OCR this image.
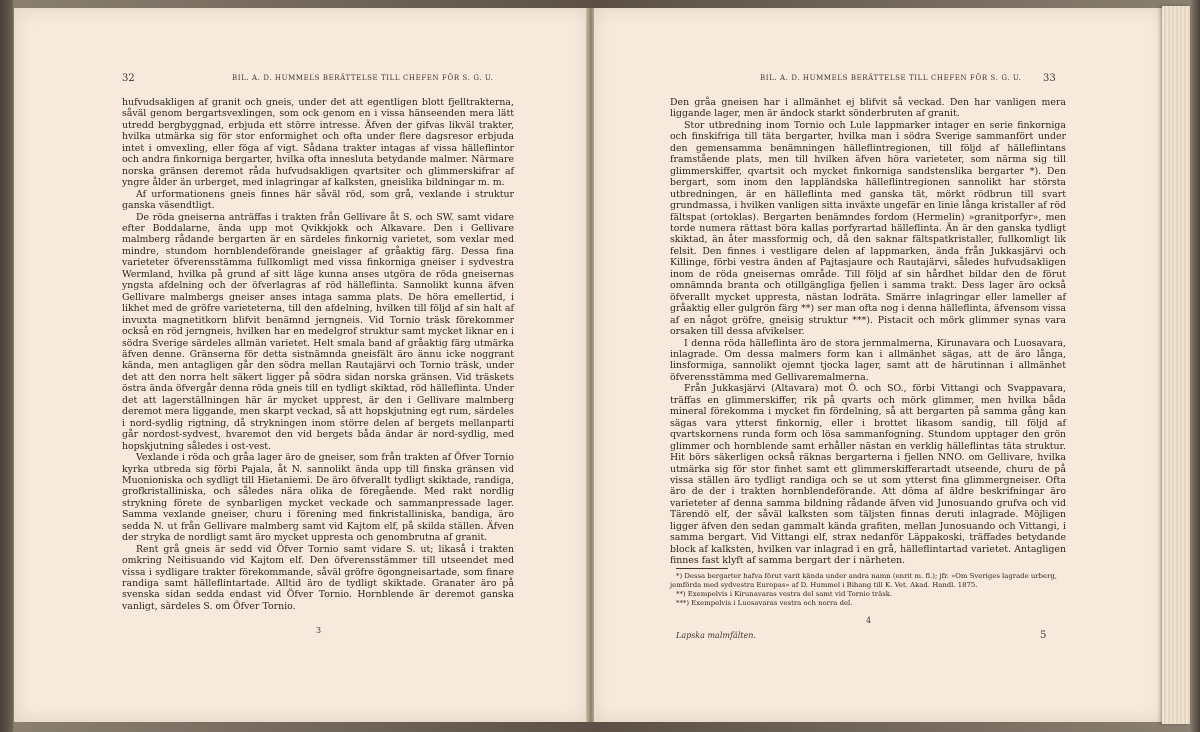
32	BIL. A. D. HUMMELS BERÄTTELSE TILL CHEFEN FÖR S. G. U.

hufvudsakligen af granit och gneis, under det att egentligen blott fjelltrakterna, såväl genom bergartsvexlingen, som ock genom en i vissa hänseenden mera lätt utredd bergbyggnad, erbjuda ett större intresse. Äfven der gifvas likväl trakter, hvilka utmärka sig för stor enformighet och ofta under flere dagsresor erbjuda intet i omvexling, eller föga af vigt. Sådana trakter intagas af vissa hälleflintor och andra finkorniga bergarter, hvilka ofta innesluta betydande malmer. Närmare norska gränsen deremot råda hufvudsakligen qvartsiter och glimmerskifrar af yngre ålder än urberget, med inlagringar af kalksten, gneislika bildningar m. m.

Af urformationens gneis finnes här såväl röd, som grå, vexlande i struktur ganska väsendtligt.

De röda gneiserna anträffas i trakten från Gellivare åt S. och SW. samt vidare efter Boddalarne, ända upp mot Qvikkjokk och Alkavare. Den i Gellivare malmberg rådande bergarten är en särdeles finkornig varietet, som vexlar med mindre, stundom hornblendeförande gneislager af gråaktig färg. Dessa fina varieteter öfverensstämma fullkomligt med vissa finkorniga gneiser i sydvestra Wermland, hvilka på grund af sitt läge kunna anses utgöra de röda gneisernas yngsta afdelning och der öfverlagras af röd hälleflinta. Sannolikt kunna äfven Gellivare malmbergs gneiser anses intaga samma plats. De höra emellertid, i likhet med de gröfre varieteterna, till den afdelning, hvilken till följd af sin halt af invuxta magnetitkorn blifvit benämnd jerngneis. Vid Tornio träsk förekommer också en röd jerngneis, hvilken har en medelgrof struktur samt mycket liknar en i södra Sverige särdeles allmän varietet. Helt smala band af gråaktig färg utmärka äfven denne. Gränserna för detta sistnämnda gneisfält äro ännu icke noggrant kända, men antagligen går den södra mellan Rautajärvi och Tornio träsk, under det att den norra helt säkert ligger på södra sidan norska gränsen. Vid träskets östra ända öfvergår denna röda gneis till en tydligt skiktad, röd hälleflinta. Under det att lagerställningen här är mycket upprest, är den i Gellivare malmberg deremot mera liggande, men skarpt veckad, så att hopskjutning egt rum, särdeles i nord-sydlig rigtning, då strykningen inom större delen af bergets mellanparti går nordost-sydvest, hvaremot den vid bergets båda ändar är nord-sydlig, med hopskjutning således i ost-vest.

Vexlande i röda och gråa lager äro de gneiser, som från trakten af Öfver Tornio kyrka utbreda sig förbi Pajala, åt N. sannolikt ända upp till finska gränsen vid Muonioniska och sydligt till Hietaniemi. De äro öfverallt tydligt skiktade, randiga, grofkristalliniska, och således nära olika de föregående. Med rakt nordlig strykning förete de synbarligen mycket veckade och sammanpressade lager. Samma vexlande gneiser, churu i förening med finkristalliniska, bandiga, äro sedda N. ut från Gellivare malmberg samt vid Kajtom elf, på skilda ställen. Äfven der stryka de nordligt samt äro mycket uppresta och genombrutna af granit.

Rent grå gneis är sedd vid Öfver Tornio samt vidare S. ut; likaså i trakten omkring Neitisuando vid Kajtom elf. Den öfverensstämmer till utseendet med vissa i sydligare trakter förekommande, såväl gröfre ögongneisartade, som finare randiga samt hälleflintartade. Alltid äro de tydligt skiktade. Granater äro på svenska sidan sedda endast vid Öfver Tornio. Hornblende är deremot ganska vanligt, särdeles S. om Öfver Tornio.

3
BIL. A. D. HUMMELS BERÄTTELSE TILL CHEFEN FÖR S. G. U. 33

Den gråa gneisen har i allmänhet ej blifvit så veckad. Den har vanligen mera liggande lager, men är ändock starkt sönderbruten af granit.

Stor utbredning inom Tornio och Lule lappmarker intager en serie finkorniga och finskifriga till täta bergarter, hvilka man i södra Sverige sammanfört under den gemensamma benämningen hälleflintregionen, till följd af hälleflintans framstående plats, men till hvilken äfven höra varieteter, som närma sig till glimmerskiffer, qvartsit och mycket finkorniga sandstenslika bergarter *). Den bergart, som inom den lappländska hälleflintregionen sannolikt har största utbredningen, är en hälleflinta med ganska tät, mörkt rödbrun till svart grundmassa, i hvilken vanligen sitta inväxte ungefär en linie långa kristaller af röd fältspat (ortoklas). Bergarten benämndes fordom (Hermelin) »granitporfyr», men torde numera rättast böra kallas porfyrartad hälleflinta. Än är den ganska tydligt skiktad, än åter massformig och, då den saknar fältspatkristaller, fullkomligt lik felsit. Den finnes i vestligare delen af lappmarken, ända från Jukkasjärvi och Killinge, förbi vestra änden af Pajtasjaure och Rautajärvi, således hufvudsakligen inom de röda gneisernas område. Till följd af sin hårdhet bildar den de förut omnämnda branta och otillgängliga fjellen i samma trakt. Dess lager äro också öfverallt mycket uppresta, nästan lodräta. Smärre inlagringar eller lameller af gråaktig eller gulgrön färg **) ser man ofta nog i denna hälleflinta, äfvensom vissa af en något gröfre, gneisig struktur ***). Pistacit och mörk glimmer synas vara orsaken till dessa afvikelser.

I denna röda hälleflinta äro de stora jernmalmerna, Kirunavara och Luosavara, inlagrade. Om dessa malmers form kan i allmänhet sägas, att de äro långa, linsformiga, sannolikt ojemnt tjocka lager, samt att de härutinnan i allmänhet öfverensstämma med Gellivaremalmerna.

Från Jukkasjärvi (Altavara) mot Ö. och SO., förbi Vittangi och Svappavara, träffas en glimmerskiffer, rik på qvarts och mörk glimmer, men hvilka båda mineral förekomma i mycket fin fördelning, så att bergarten på samma gång kan sägas vara ytterst finkornig, eller i brottet likasom sandig, till följd af qvartskornens runda form och lösa sammanfogning. Stundom upptager den grön glimmer och hornblende samt erhåller nästan en verklig hälleflintas täta struktur. Hit börs säkerligen också räknas bergarterna i fjellen NNO. om Gellivare, hvilka utmärka sig för stor finhet samt ett glimmerskifferartadt utseende, churu de på vissa ställen äro tydligt randiga och se ut som ytterst fina glimmergneiser. Ofta äro de der i trakten hornblendeförande. Att döma af äldre beskrifningar äro varieteter af denna samma bildning rådande äfven vid Junosuando grufva och vid Tärendö elf, der såväl kalksten som täljsten finnas deruti inlagrade. Möjligen ligger äfven den sedan gammalt kända grafiten, mellan Junosuando och Vittangi, i samma bergart. Vid Vittangi elf, strax nedanför Läppakoski, träffades betydande block af kalksten, hvilken var inlagrad i en grå, hälleflintartad varietet. Antagligen finnes fast klyft af samma bergart der i närheten.

*) Dessa bergarter hafva förut varit kända under andra namn (enrit m. fl.); jfr. »Om Sveriges lagrade urberg, jemförda med sydvestra Europas» af D. Hummel i Bihang till K. Vet. Akad. Handl. 1875.

**) Exempelvis i Kirunavaras vestra del samt vid Tornio träsk.

***) Exempelvis i Luosavaras vestra och norra del.

4
Lapska malmfälten.	5
